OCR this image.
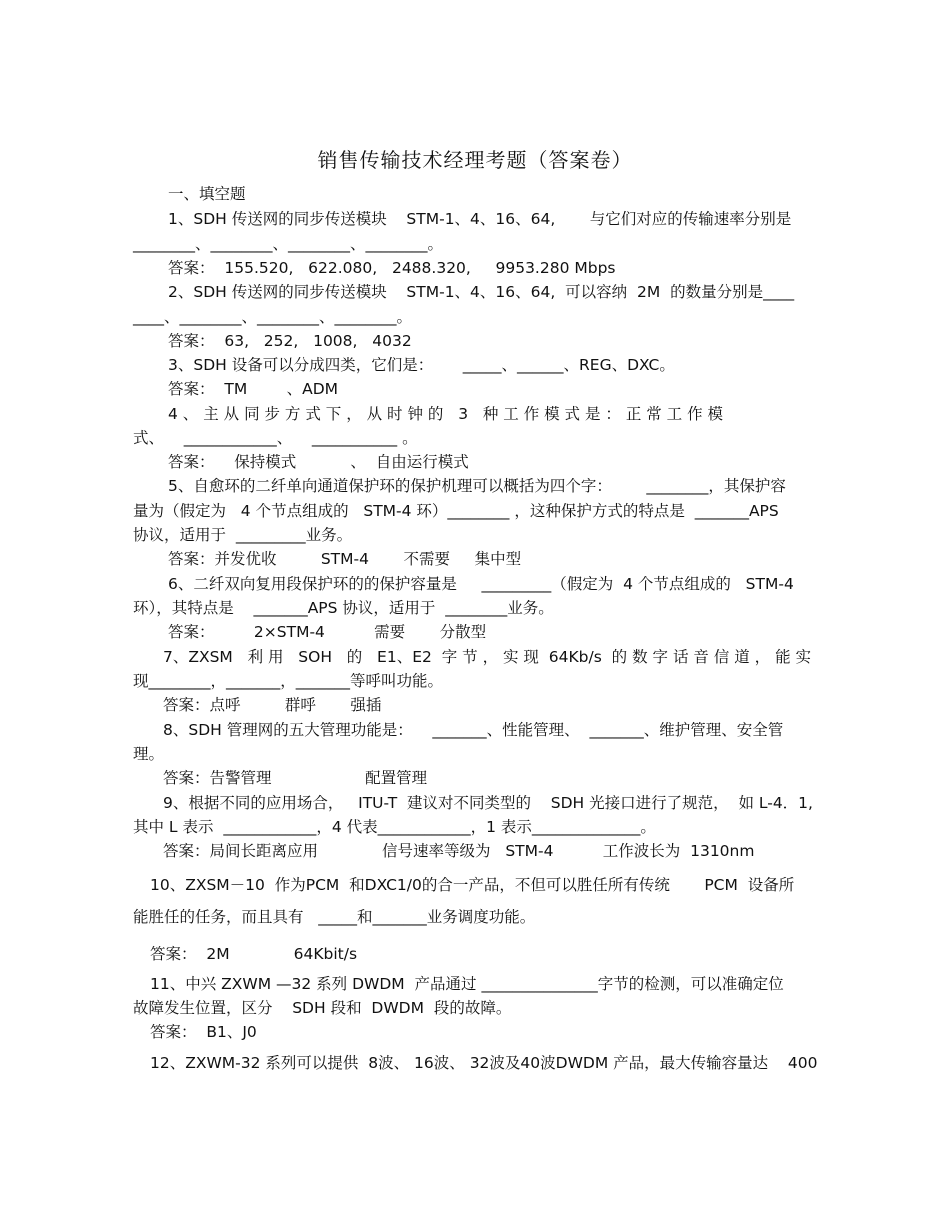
销售传输技术经理考题（答案卷）
一、填空题
1、SDH 传送网的同步传送模块    STM-1、4、16、64,       与它们对应的传输速率分别是
________、________、________、________。
答案：  155.520,   622.080,   2488.320,     9953.280 Mbps
2、SDH 传送网的同步传送模块    STM-1、4、16、64,  可以容纳  2M  的数量分别是____
____、________、________、________。
答案：  63,   252,   1008,   4032
3、SDH 设备可以分成四类，它们是：      _____、______、REG、DXC。
答案：  TM        、ADM
4 、 主 从 同 步 方 式 下 ， 从 时 钟 的   3   种 工 作 模 式 是 ： 正 常 工 作 模
式、    ____________、    ___________ 。
答案：    保持模式           、  自由运行模式
5、自愈环的二纤单向通道保护环的保护机理可以概括为四个字：       ________，其保护容
量为（假定为   4 个节点组成的   STM-4 环）________ ，这种保护方式的特点是  _______APS
协议，适用于  _________业务。
答案：并发优收         STM-4       不需要     集中型
6、二纤双向复用段保护环的的保护容量是     _________（假定为  4 个节点组成的   STM-4
环），其特点是    _______APS 协议，适用于  ________业务。
答案：        2×STM-4          需要       分散型
7、ZXSM   利 用   SOH   的   E1、E2  字 节 ， 实 现  64Kb/s  的 数 字 话 音 信 道 ， 能 实
现________，_______，_______等呼叫功能。
答案：点呼         群呼       强插
8、SDH 管理网的五大管理功能是：    _______、性能管理、  _______、维护管理、安全管
理。
答案：告警管理                   配置管理
9、根据不同的应用场合，   ITU-T  建议对不同类型的    SDH 光接口进行了规范，  如 L-4．1,
其中 L 表示  ____________，4 代表____________，1 表示______________。
答案：局间长距离应用             信号速率等级为   STM-4          工作波长为  1310nm
10、ZXSM－10  作为PCM  和DXC1/0的合一产品，不但可以胜任所有传统       PCM  设备所
能胜任的任务，而且具有   _____和_______业务调度功能。
答案：  2M             64Kbit/s
11、中兴 ZXWM —32 系列 DWDM  产品通过 _______________字节的检测，可以准确定位
故障发生位置，区分    SDH 段和  DWDM  段的故障。
答案：  B1、J0
12、ZXWM-32 系列可以提供  8波、 16波、 32波及40波DWDM 产品，最大传输容量达    400
